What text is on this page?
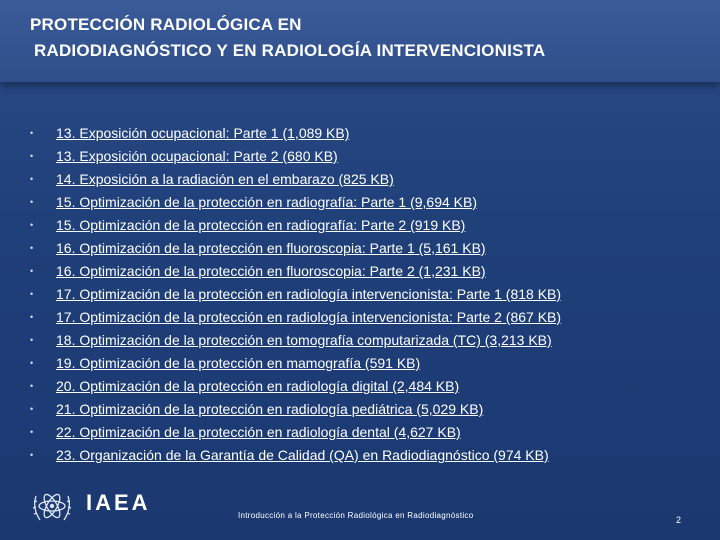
PROTECCIÓN RADIOLÓGICA EN
RADIODIAGNÓSTICO Y EN RADIOLOGÍA INTERVENCIONISTA
•	13. Exposición ocupacional: Parte 1 (1,089 KB)
•	13. Exposición ocupacional: Parte 2 (680 KB)
•	14. Exposición a la radiación en el embarazo (825 KB)
•	15. Optimización de la protección en radiografía: Parte 1 (9,694 KB)
•	15. Optimización de la protección en radiografía: Parte 2 (919 KB)
•	16. Optimización de la protección en fluoroscopia: Parte 1 (5,161 KB)
•	16. Optimización de la protección en fluoroscopia: Parte 2 (1,231 KB)
•	17. Optimización de la protección en radiología intervencionista: Parte 1 (818 KB)
•	17. Optimización de la protección en radiología intervencionista: Parte 2 (867 KB)
•	18. Optimización de la protección en tomografía computarizada (TC) (3,213 KB)
•	19. Optimización de la protección en mamografía (591 KB)
•	20. Optimización de la protección en radiología digital (2,484 KB)
•	21. Optimización de la protección en radiología pediátrica (5,029 KB)
•	22. Optimización de la protección en radiología dental (4,627 KB)
•	23. Organización de la Garantía de Calidad (QA) en Radiodiagnóstico (974 KB)
IAEA
Introducción a la Protección Radiológica en Radiodiagnóstico	2
